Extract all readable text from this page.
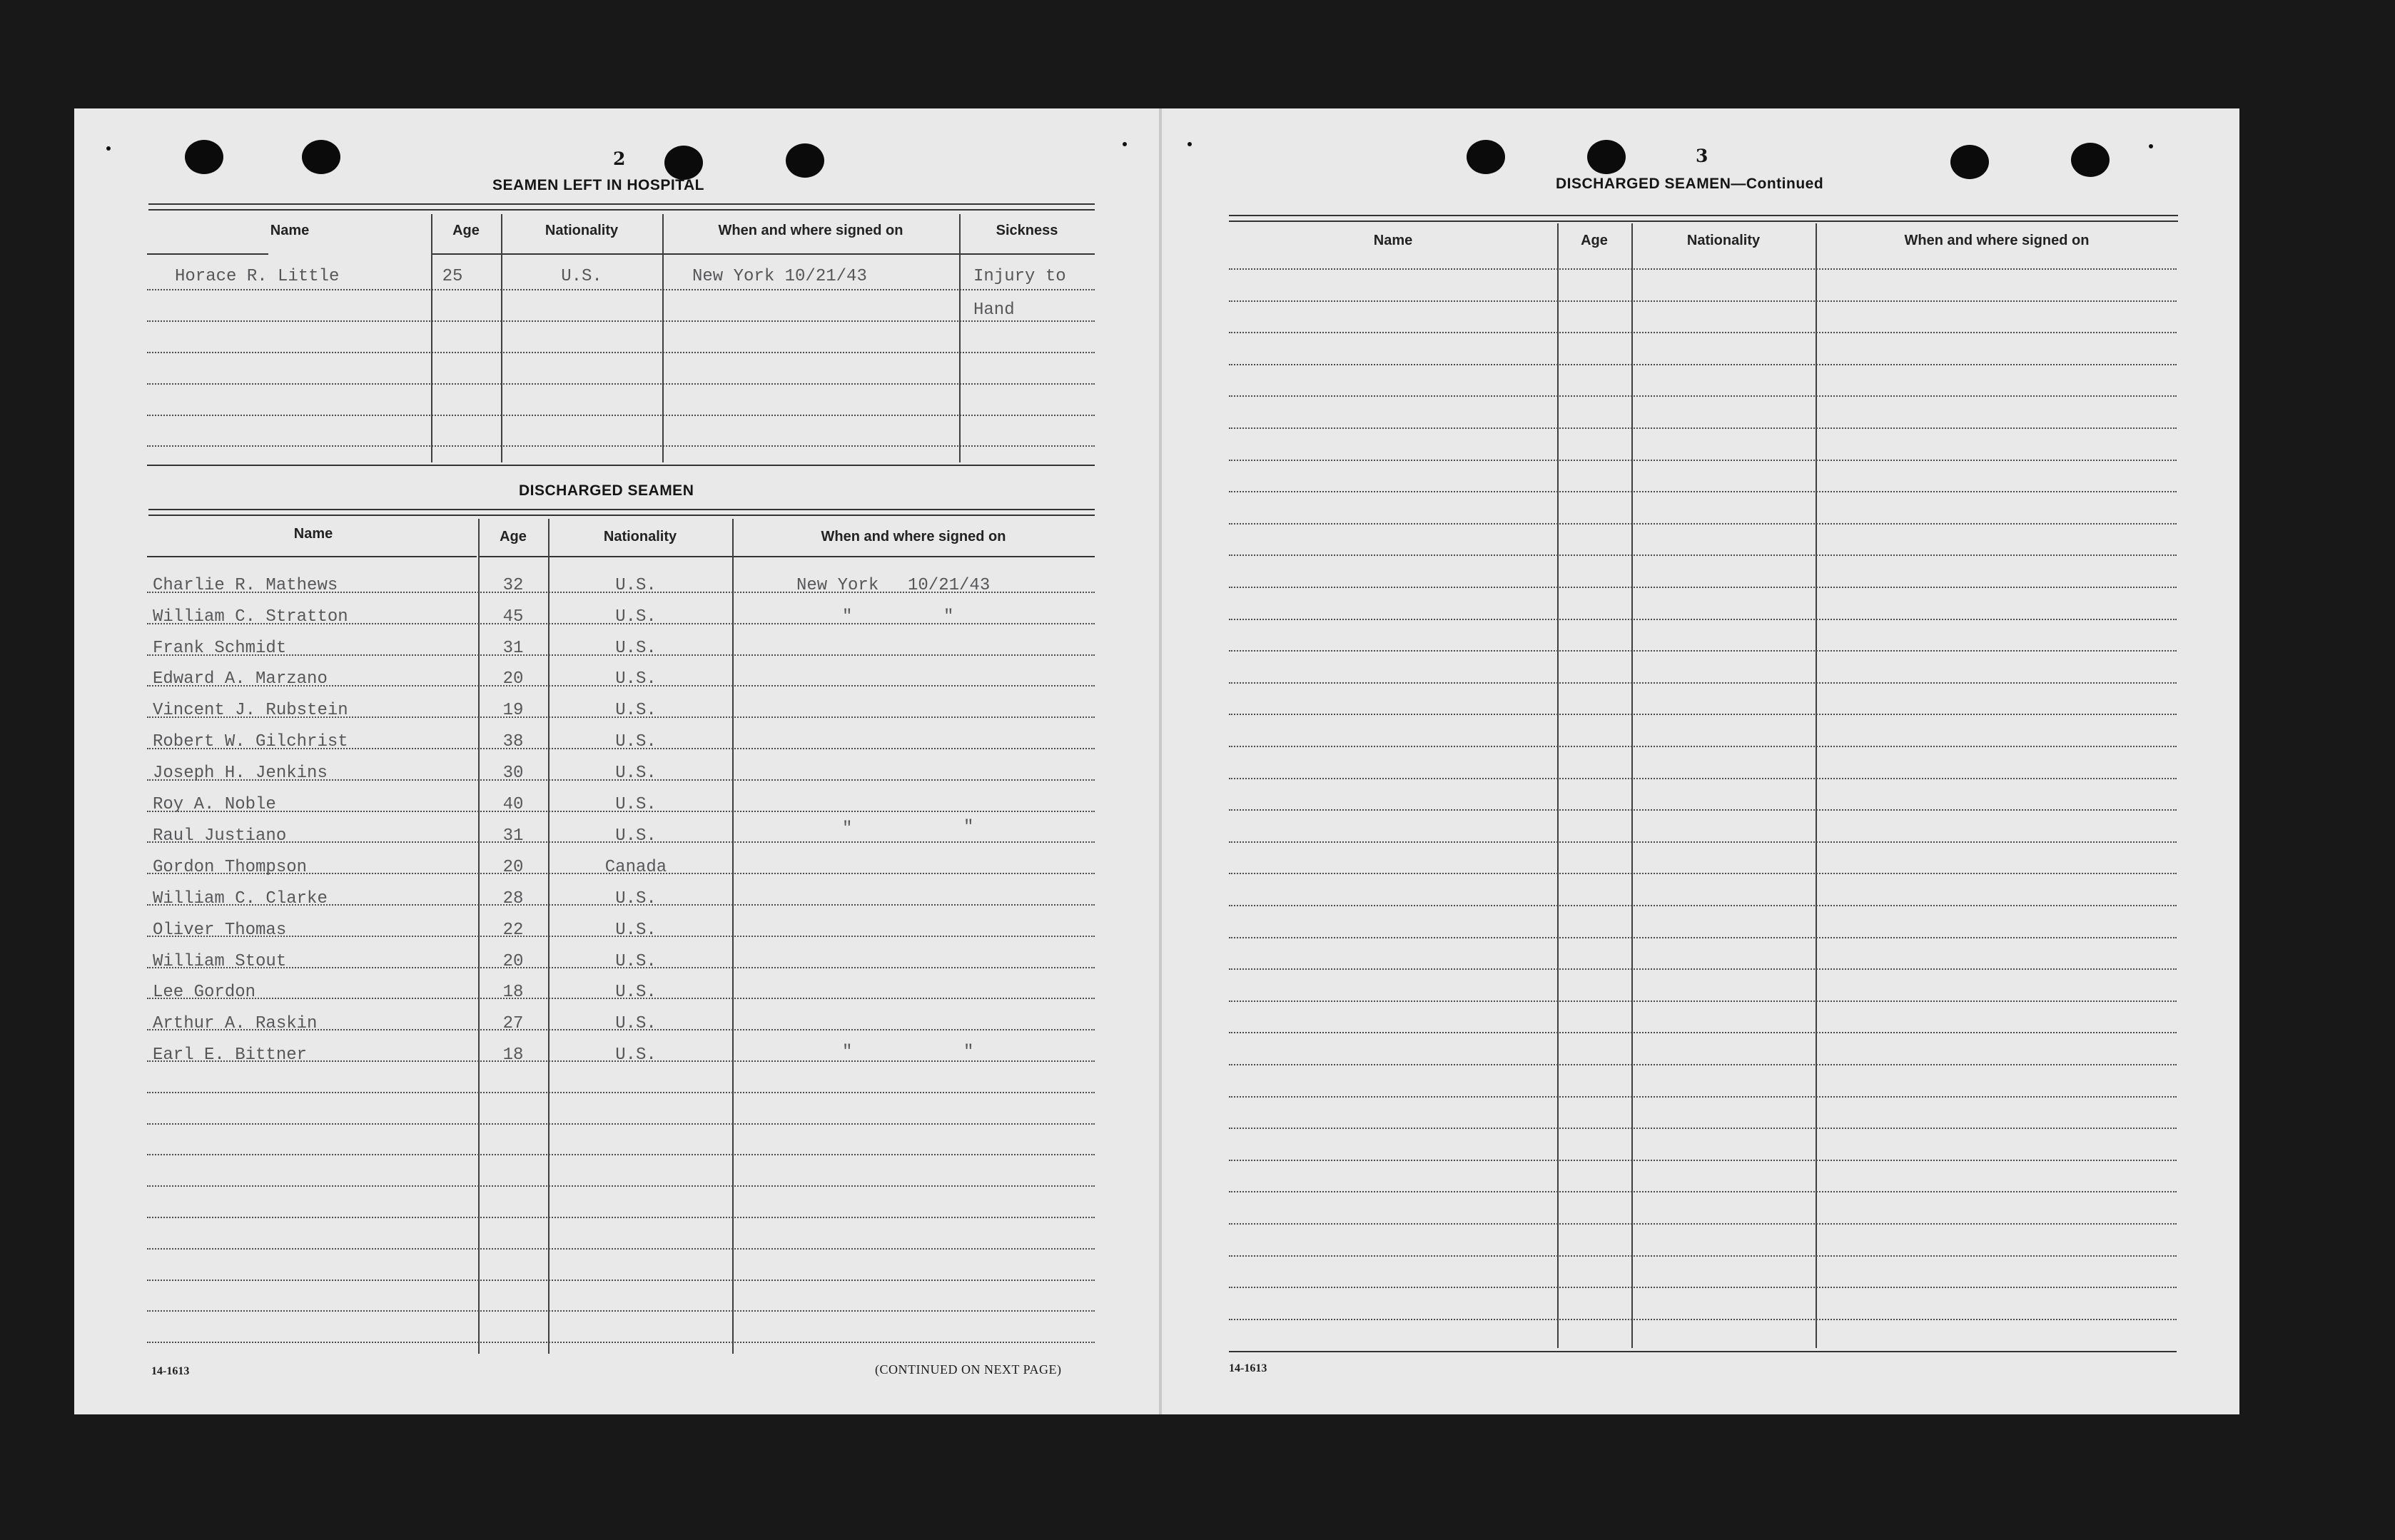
2
SEAMEN LEFT IN HOSPITAL
Name	Age	Nationality	When and where signed on	Sickness
Horace R. Little	25	U.S.	New York 10/21/43	Injury to
Hand
DISCHARGED SEAMEN
Name	Age	Nationality	When and where signed on
Charlie R. Mathews	32	U.S.	New York 10/21/43
William C. Stratton	45	U.S.	"	"
Frank Schmidt	31	U.S.
Edward A. Marzano	20	U.S.
Vincent J. Rubstein	19	U.S.
Robert W. Gilchrist	38	U.S.
Joseph H. Jenkins	30	U.S.
Roy A. Noble	40	U.S.
Raul Justiano	31	U.S.	"	"
Gordon Thompson	20	Canada
William C. Clarke	28	U.S.
Oliver Thomas	22	U.S.
William Stout	20	U.S.
Lee Gordon	18	U.S.
Arthur A. Raskin	27	U.S.
Earl E. Bittner	18	U.S.	"	"
14-1613	(CONTINUED ON NEXT PAGE)
3
DISCHARGED SEAMEN—Continued
Name	Age	Nationality	When and where signed on
14-1613
